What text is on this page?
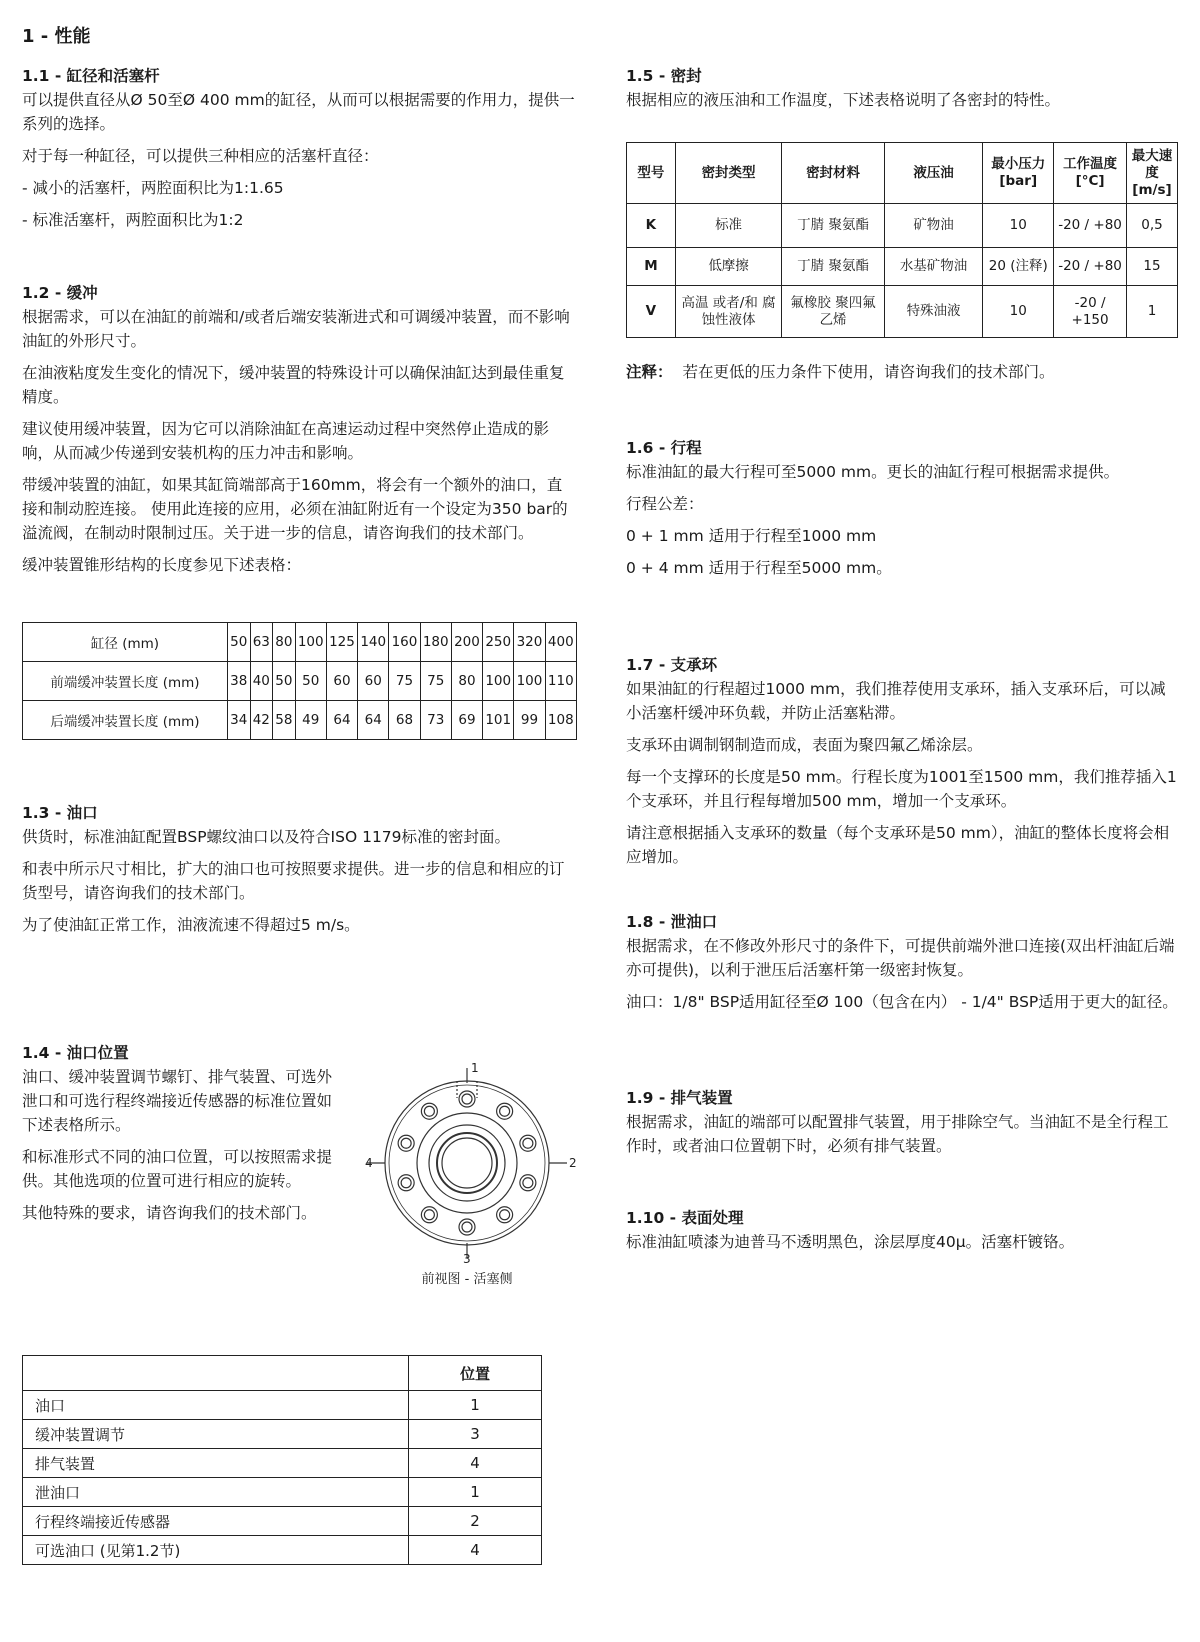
1 - 性能
1.1 - 缸径和活塞杆
可以提供直径从Ø 50至Ø 400 mm的缸径，从而可以根据需要的作用力，提供一系列的选择。
对于每一种缸径，可以提供三种相应的活塞杆直径：
- 减小的活塞杆，两腔面积比为1:1.65
- 标准活塞杆，两腔面积比为1:2
1.2 - 缓冲
根据需求，可以在油缸的前端和/或者后端安装渐进式和可调缓冲装置，而不影响油缸的外形尺寸。
在油液粘度发生变化的情况下，缓冲装置的特殊设计可以确保油缸达到最佳重复精度。
建议使用缓冲装置，因为它可以消除油缸在高速运动过程中突然停止造成的影响，从而减少传递到安装机构的压力冲击和影响。
带缓冲装置的油缸，如果其缸筒端部高于160mm，将会有一个额外的油口，直接和制动腔连接。 使用此连接的应用，必须在油缸附近有一个设定为350 bar的溢流阀，在制动时限制过压。关于进一步的信息，请咨询我们的技术部门。
缓冲装置锥形结构的长度参见下述表格：
缸径 (mm)	50	63	80	100	125	140	160	180	200	250	320	400
前端缓冲装置长度 (mm)	38	40	50	50	60	60	75	75	80	100	100	110
后端缓冲装置长度 (mm)	34	42	58	49	64	64	68	73	69	101	99	108
1.3 - 油口
供货时，标准油缸配置BSP螺纹油口以及符合ISO 1179标准的密封面。
和表中所示尺寸相比，扩大的油口也可按照要求提供。进一步的信息和相应的订货型号，请咨询我们的技术部门。
为了使油缸正常工作，油液流速不得超过5 m/s。
1.4 - 油口位置
油口、缓冲装置调节螺钉、排气装置、可选外泄口和可选行程终端接近传感器的标准位置如下述表格所示。
和标准形式不同的油口位置，可以按照需求提供。其他选项的位置可进行相应的旋转。
其他特殊的要求，请咨询我们的技术部门。
1
2
3
4
前视图 - 活塞侧
	位置
油口	1
缓冲装置调节	3
排气装置	4
泄油口	1
行程终端接近传感器	2
可选油口 (见第1.2节)	4
1.5 - 密封
根据相应的液压油和工作温度，下述表格说明了各密封的特性。
型号	密封类型	密封材料	液压油	最小压力 [bar]	工作温度 [°C]	最大速度 [m/s]
K	标准	丁腈 聚氨酯	矿物油	10	-20 / +80	0,5
M	低摩擦	丁腈 聚氨酯	水基矿物油	20 (注释)	-20 / +80	15
V	高温 或者/和 腐蚀性液体	氟橡胶 聚四氟乙烯	特殊油液	10	-20 / +150	1
注释： 若在更低的压力条件下使用，请咨询我们的技术部门。
1.6 - 行程
标准油缸的最大行程可至5000 mm。更长的油缸行程可根据需求提供。
行程公差：
0 + 1 mm 适用于行程至1000 mm
0 + 4 mm 适用于行程至5000 mm。
1.7 - 支承环
如果油缸的行程超过1000 mm，我们推荐使用支承环，插入支承环后，可以减小活塞杆缓冲环负载，并防止活塞粘滞。
支承环由调制钢制造而成，表面为聚四氟乙烯涂层。
每一个支撑环的长度是50 mm。行程长度为1001至1500 mm，我们推荐插入1个支承环，并且行程每增加500 mm，增加一个支承环。
请注意根据插入支承环的数量（每个支承环是50 mm），油缸的整体长度将会相应增加。
1.8 - 泄油口
根据需求，在不修改外形尺寸的条件下，可提供前端外泄口连接(双出杆油缸后端亦可提供)，以利于泄压后活塞杆第一级密封恢复。
油口：1/8" BSP适用缸径至Ø 100（包含在内） - 1/4" BSP适用于更大的缸径。
1.9 - 排气装置
根据需求，油缸的端部可以配置排气装置，用于排除空气。当油缸不是全行程工作时，或者油口位置朝下时，必须有排气装置。
1.10 - 表面处理
标准油缸喷漆为迪普马不透明黑色，涂层厚度40μ。活塞杆镀铬。
